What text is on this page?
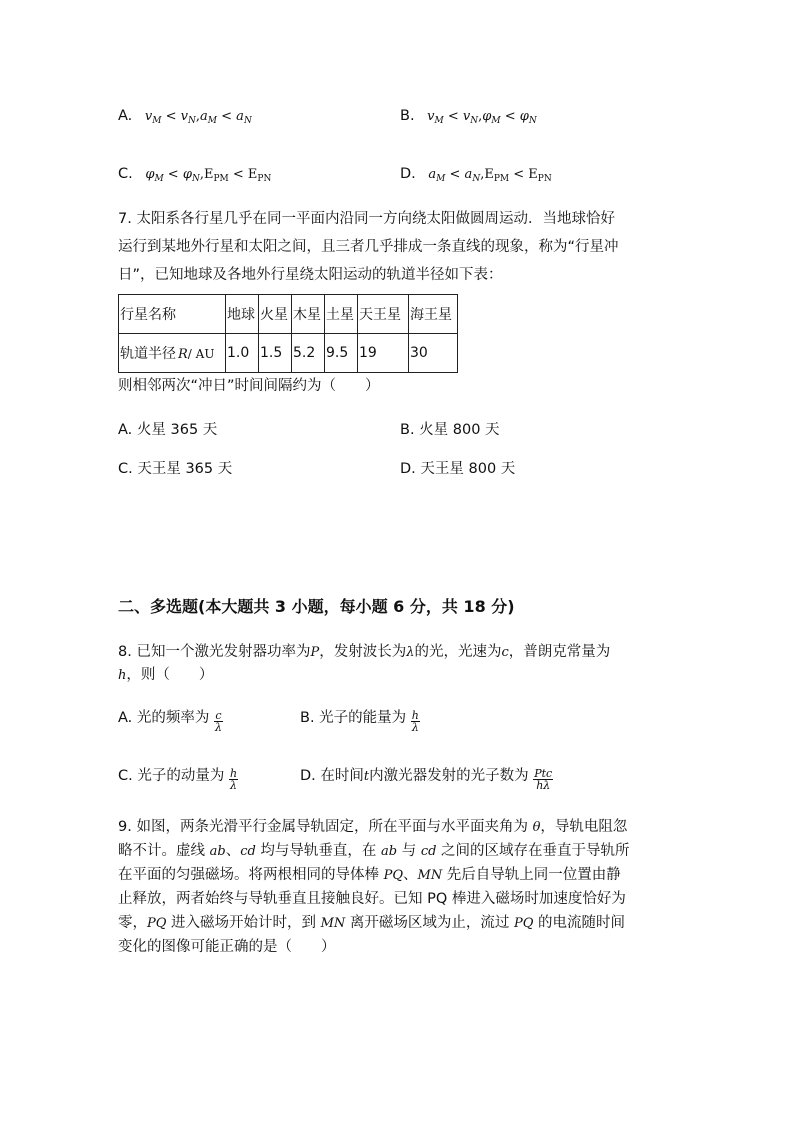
A. $v_M < v_N,a_M < a_N$	B. $v_M < v_N,\varphi_M < \varphi_N$
C. $\varphi_M < \varphi_N,E_{PM} < E_{PN}$	D. $a_M < a_N,E_{PM} < E_{PN}$
7. 太阳系各行星几乎在同一平面内沿同一方向绕太阳做圆周运动．当地球恰好
运行到某地外行星和太阳之间，且三者几乎排成一条直线的现象，称为“行星冲
日”，已知地球及各地外行星绕太阳运动的轨道半径如下表：
行星名称	地球	火星	木星	土星	天王星	海王星
轨道半径 R/ AU	1.0	1.5	5.2	9.5	19	30
则相邻两次“冲日”时间间隔约为（　　）
A. 火星 365 天	B. 火星 800 天
C. 天王星 365 天	D. 天王星 800 天
二、多选题(本大题共 3 小题，每小题 6 分，共 18 分)
8. 已知一个激光发射器功率为P，发射波长为λ的光，光速为c，普朗克常量为
h，则（　　）
A. 光的频率为 $\frac{c}{\lambda}$	B. 光子的能量为 $\frac{h}{\lambda}$
C. 光子的动量为 $\frac{h}{\lambda}$	D. 在时间t内激光器发射的光子数为 $\frac{\text{Ptc}}{h\lambda}$
9. 如图，两条光滑平行金属导轨固定，所在平面与水平面夹角为 θ，导轨电阻忽
略不计。虚线 ab、cd 均与导轨垂直，在 ab 与 cd 之间的区域存在垂直于导轨所
在平面的匀强磁场。将两根相同的导体棒 PQ、MN 先后自导轨上同一位置由静
止释放，两者始终与导轨垂直且接触良好。已知 PQ 棒进入磁场时加速度恰好为
零，PQ 进入磁场开始计时，到 MN 离开磁场区域为止，流过 PQ 的电流随时间
变化的图像可能正确的是（　　）
